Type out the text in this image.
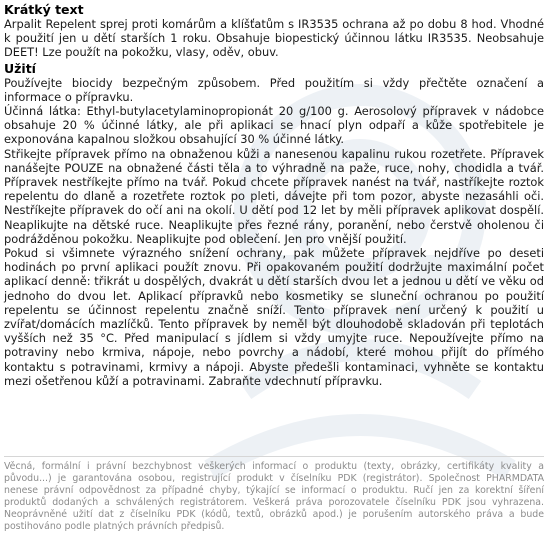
Krátký text

Arpalit Repelent sprej proti komárům a klíšťatům s IR3535 ochrana až po dobu 8 hod. Vhodné k použití jen u dětí starších 1 roku. Obsahuje biopestický účinnou látku IR3535. Neobsahuje DEET! Lze použít na pokožku, vlasy, oděv, obuv.

Užití

Používejte biocidy bezpečným způsobem. Před použitím si vždy přečtěte označení a informace o přípravku.

Účinná látka: Ethyl-butylacetylaminopropionát 20 g/100 g. Aerosolový přípravek v nádobce obsahuje 20 % účinné látky, ale při aplikaci se hnací plyn odpaří a kůže spotřebitele je exponována kapalnou složkou obsahující 30 % účinné látky.

Střikejte přípravek přímo na obnaženou kůži a nanesenou kapalinu rukou rozetřete. Přípravek nanášejte POUZE na obnažené části těla a to výhradně na paže, ruce, nohy, chodidla a tvář. Přípravek nestříkejte přímo na tvář. Pokud chcete přípravek nanést na tvář, nastříkejte roztok repelentu do dlaně a rozetřete roztok po pleti, dávejte při tom pozor, abyste nezasáhli oči. Nestříkejte přípravek do očí ani na okolí. U dětí pod 12 let by měli přípravek aplikovat dospělí. Neaplikujte na dětské ruce. Neaplikujte přes řezné rány, poranění, nebo čerstvě oholenou či podrážděnou pokožku. Neaplikujte pod oblečení. Jen pro vnější použití.

Pokud si všimnete výrazného snížení ochrany, pak můžete přípravek nejdříve po deseti hodinách po první aplikaci použít znovu. Při opakovaném použití dodržujte maximální počet aplikací denně: třikrát u dospělých, dvakrát u dětí starších dvou let a jednou u dětí ve věku od jednoho do dvou let. Aplikací přípravků nebo kosmetiky se sluneční ochranou po použití repelentu se účinnost repelentu značně sníží. Tento přípravek není určený k použití u zvířat/domácích mazlíčků. Tento přípravek by neměl být dlouhodobě skladován při teplotách vyšších než 35 °C. Před manipulací s jídlem si vždy umyjte ruce. Nepoužívejte přímo na potraviny nebo krmiva, nápoje, nebo povrchy a nádobí, které mohou přijít do přímého kontaktu s potravinami, krmivy a nápoji. Abyste předešli kontaminaci, vyhněte se kontaktu mezi ošetřenou kůží a potravinami. Zabraňte vdechnutí přípravku.

Věcná, formální i právní bezchybnost veškerých informací o produktu (texty, obrázky, certifikáty kvality a původu...) je garantována osobou, registrující produkt v číselníku PDK (registrátor). Společnost PHARMDATA nenese právní odpovědnost za případné chyby, týkající se informací o produktu. Ručí jen za korektní šíření produktů dodaných a schválených registrátorem. Veškerá práva porozovatele číselníku PDK jsou vyhrazena. Neoprávněné užití dat z číselníku PDK (kódů, textů, obrázků apod.) je porušením autorského práva a bude postihováno podle platných právních předpisů.
